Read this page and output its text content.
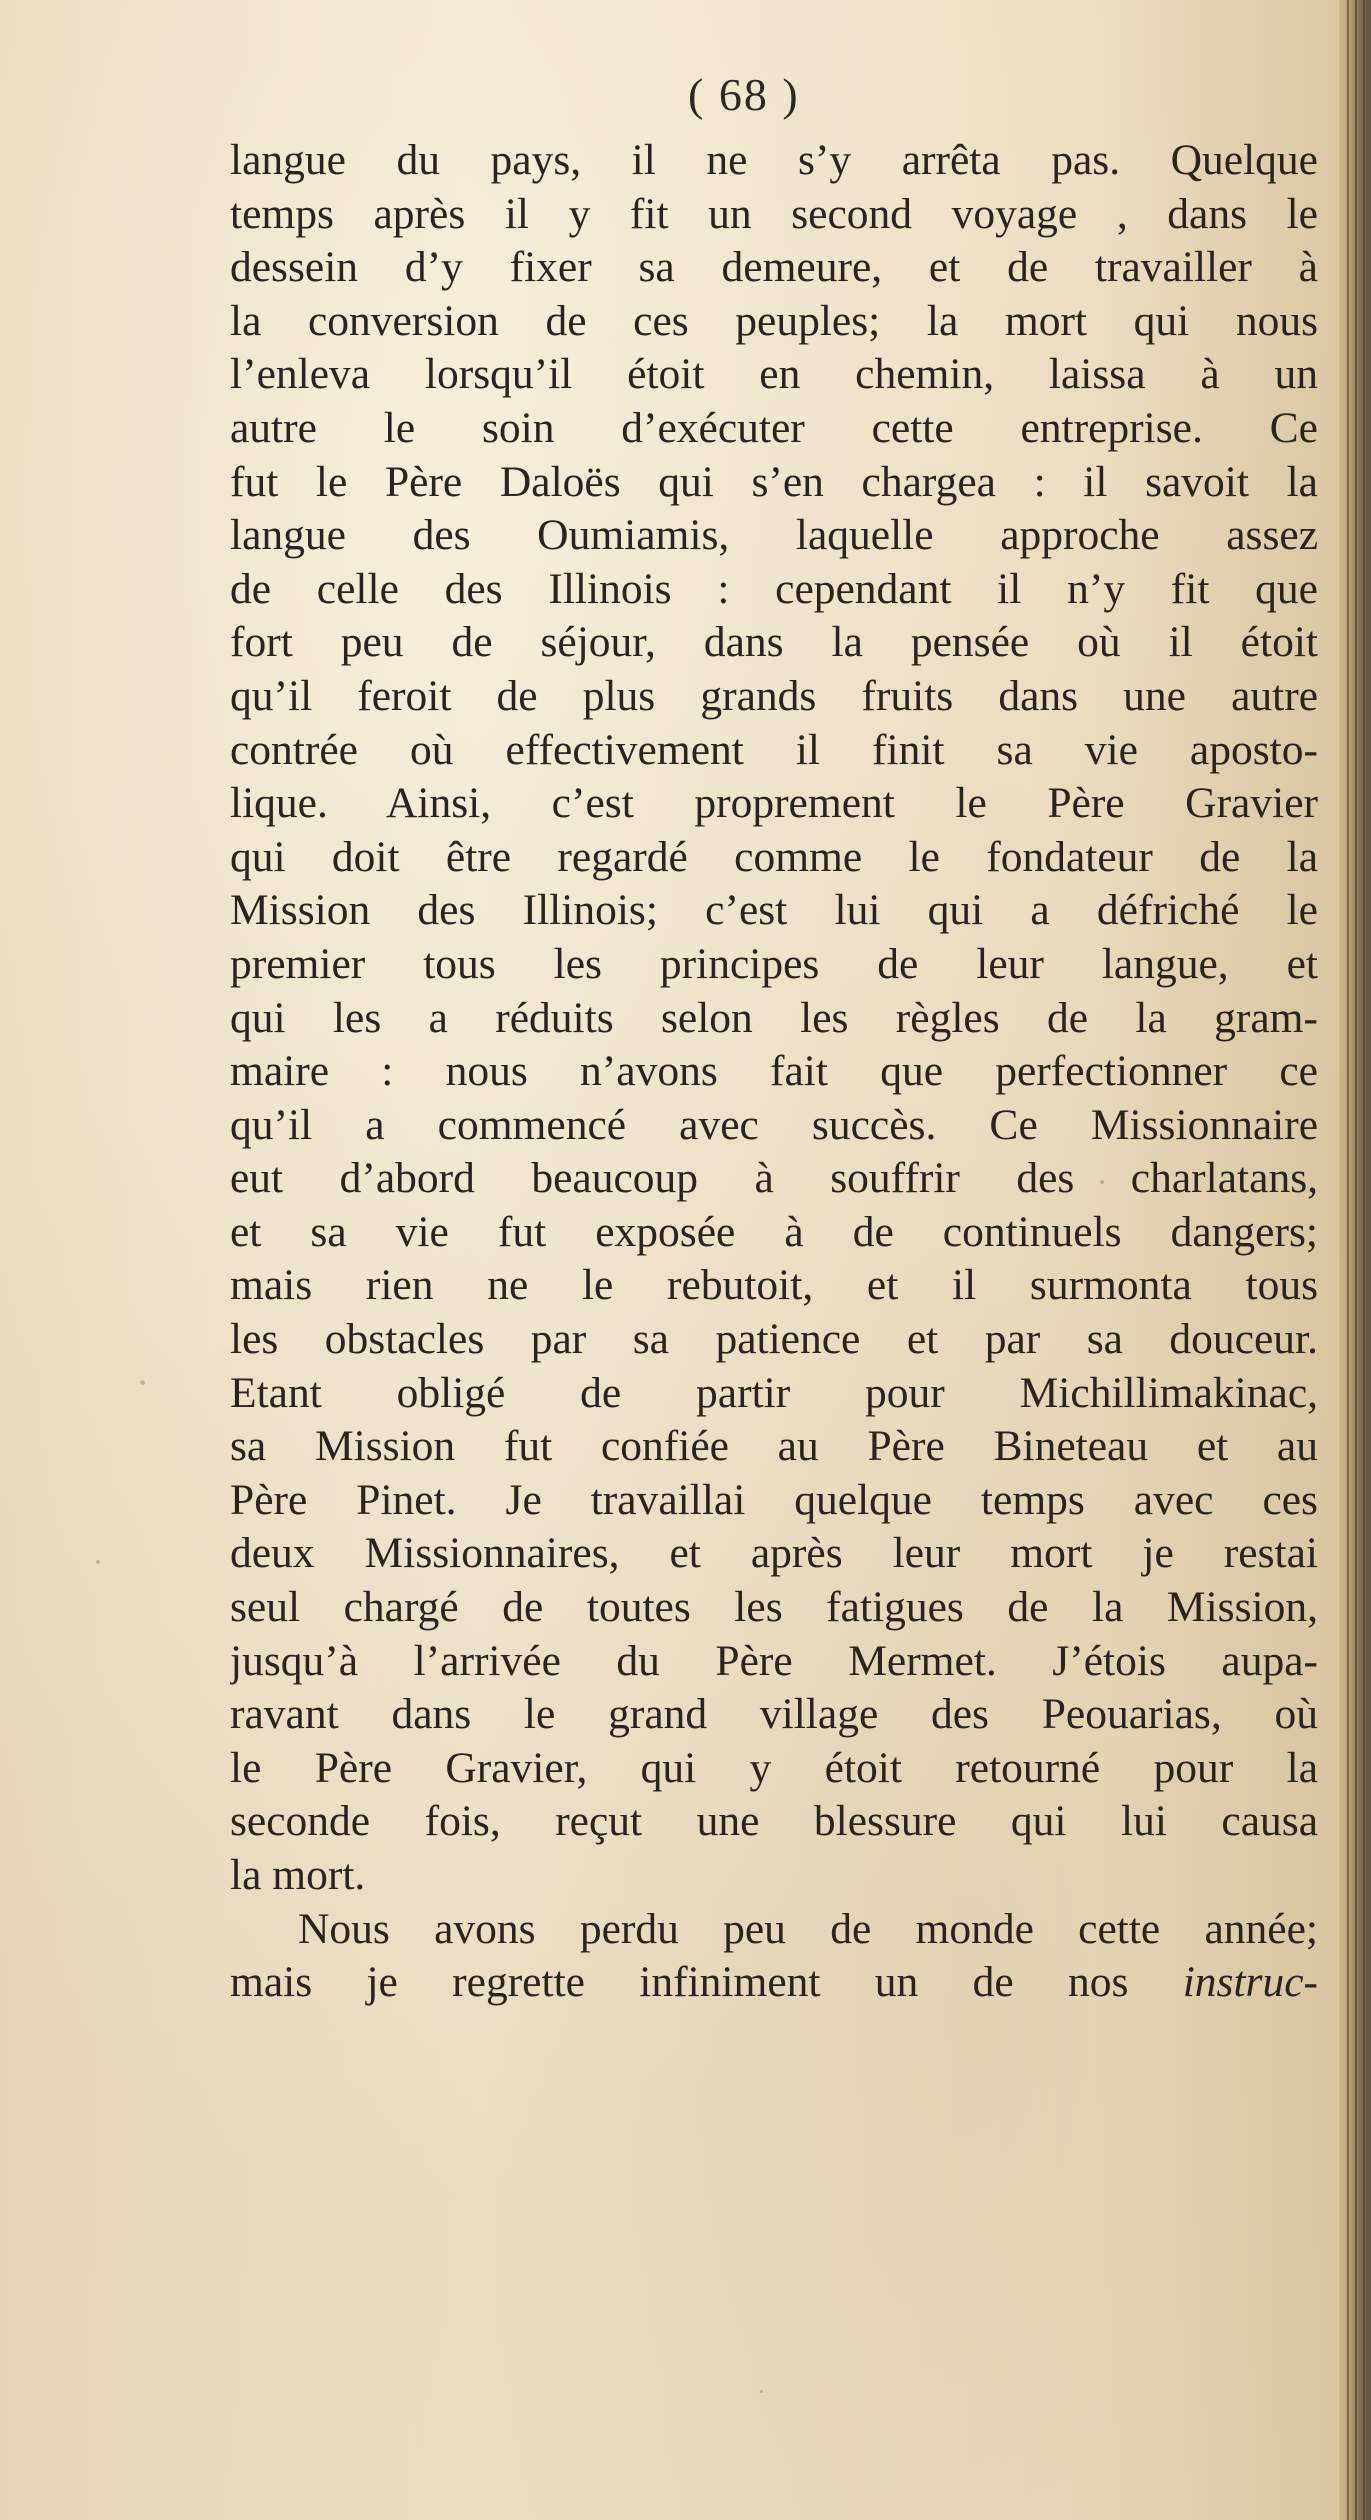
( 68 )
langue du pays, il ne s’y arrêta pas. Quelque
temps après il y fit un second voyage , dans le
dessein d’y fixer sa demeure, et de travailler à
la conversion de ces peuples; la mort qui nous
l’enleva lorsqu’il étoit en chemin, laissa à un
autre le soin d’exécuter cette entreprise. Ce
fut le Père Daloës qui s’en chargea : il savoit la
langue des Oumiamis, laquelle approche assez
de celle des Illinois : cependant il n’y fit que
fort peu de séjour, dans la pensée où il étoit
qu’il feroit de plus grands fruits dans une autre
contrée où effectivement il finit sa vie aposto-
lique. Ainsi, c’est proprement le Père Gravier
qui doit être regardé comme le fondateur de la
Mission des Illinois; c’est lui qui a défriché le
premier tous les principes de leur langue, et
qui les a réduits selon les règles de la gram-
maire : nous n’avons fait que perfectionner ce
qu’il a commencé avec succès. Ce Missionnaire
eut d’abord beaucoup à souffrir des charlatans,
et sa vie fut exposée à de continuels dangers;
mais rien ne le rebutoit, et il surmonta tous
les obstacles par sa patience et par sa douceur.
Etant obligé de partir pour Michillimakinac,
sa Mission fut confiée au Père Bineteau et au
Père Pinet. Je travaillai quelque temps avec ces
deux Missionnaires, et après leur mort je restai
seul chargé de toutes les fatigues de la Mission,
jusqu’à l’arrivée du Père Mermet. J’étois aupa-
ravant dans le grand village des Peouarias, où
le Père Gravier, qui y étoit retourné pour la
seconde fois, reçut une blessure qui lui causa
la mort.
Nous avons perdu peu de monde cette année;
mais je regrette infiniment un de nos instruc-
